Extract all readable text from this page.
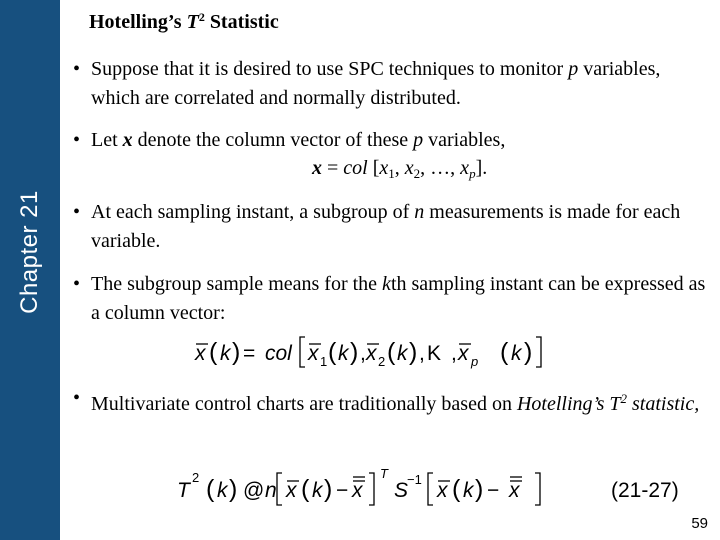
Chapter 21
Hotelling’s $T^2$ Statistic
• Suppose that it is desired to use SPC techniques to monitor p variables, which are correlated and normally distributed.
• Let x denote the column vector of these p variables,
x = col [$x_1$, $x_2$, …, $x_p$].
• At each sampling instant, a subgroup of n measurements is made for each variable.
• The subgroup sample means for the kth sampling instant can be expressed as a column vector:
• Multivariate control charts are traditionally based on Hotelling’s $T^2$ statistic,
x ( k ) = col x 1 ( k ) , x 2 ( k ) , K , x p ( k )
T
2 ( k ) @ n x ( k ) − x
T
S
−1 x ( k ) − x	(21-27)
59
